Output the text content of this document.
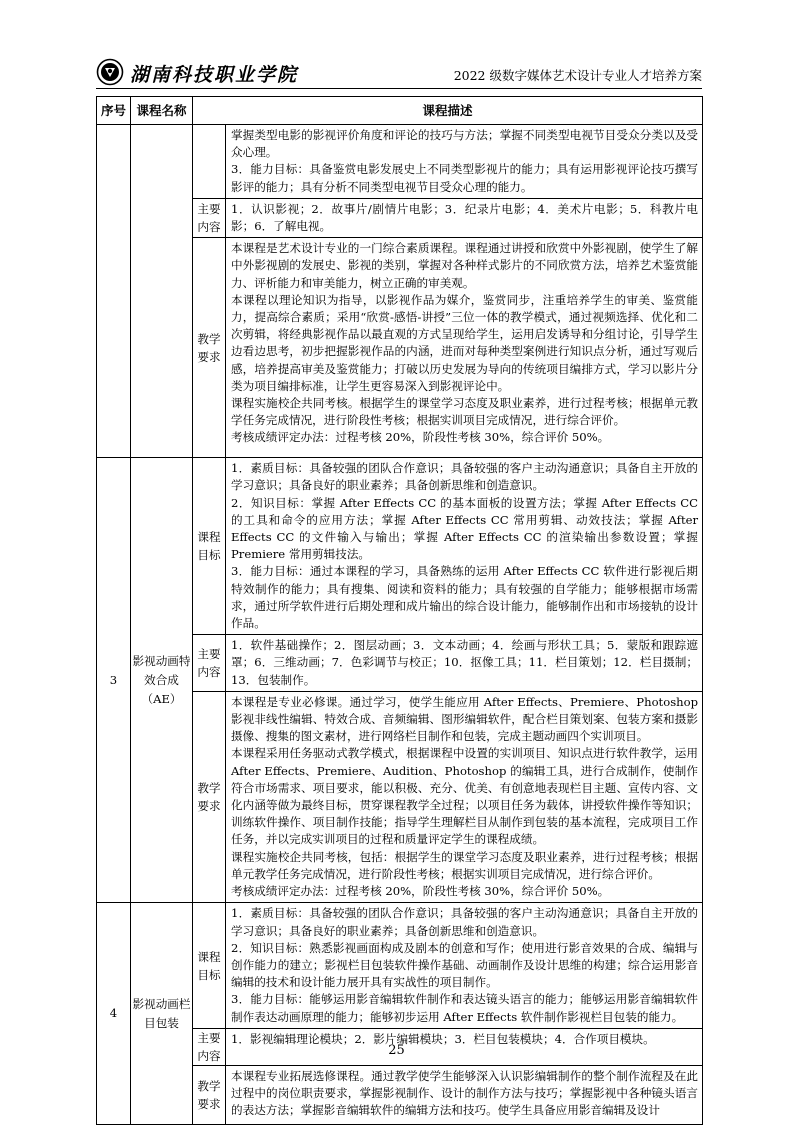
湖南科技职业学院	2022 级数字媒体艺术设计专业人才培养方案
序号	课程名称	课程描述	

			掌握类型电影的影视评价角度和评论的技巧与方法；掌握不同类型电视节目受众分类以及受众心理。

3．能力目标：具备鉴赏电影发展史上不同类型影视片的能力；具有运用影视评论技巧撰写影评的能力；具有分析不同类型电视节目受众心理的能力。

		主要内容	1．认识影视；2．故事片/剧情片电影；3．纪录片电影；4．美术片电影；5．科教片电影；6．了解电视。

		教学要求	本课程是艺术设计专业的一门综合素质课程。课程通过讲授和欣赏中外影视剧，使学生了解中外影视剧的发展史、影视的类别，掌握对各种样式影片的不同欣赏方法，培养艺术鉴赏能力、评析能力和审美能力，树立正确的审美观。

本课程以理论知识为指导，以影视作品为媒介，鉴赏同步，注重培养学生的审美、鉴赏能力，提高综合素质；采用“欣赏-感悟-讲授”三位一体的教学模式，通过视频选择、优化和二次剪辑，将经典影视作品以最直观的方式呈现给学生，运用启发诱导和分组讨论，引导学生边看边思考，初步把握影视作品的内涵，进而对每种类型案例进行知识点分析，通过写观后感，培养提高审美及鉴赏能力；打破以历史发展为导向的传统项目编排方式，学习以影片分类为项目编排标准，让学生更容易深入到影视评论中。

课程实施校企共同考核。根据学生的课堂学习态度及职业素养，进行过程考核；根据单元教学任务完成情况，进行阶段性考核；根据实训项目完成情况，进行综合评价。

考核成绩评定办法：过程考核 20%，阶段性考核 30%，综合评价 50%。

3	影视动画特效合成（AE）	课程目标	1．素质目标：具备较强的团队合作意识；具备较强的客户主动沟通意识；具备自主开放的学习意识；具备良好的职业素养；具备创新思维和创造意识。

2．知识目标：掌握 After Effects CC 的基本面板的设置方法；掌握 After Effects CC 的工具和命令的应用方法；掌握 After Effects CC 常用剪辑、动效技法；掌握 After Effects CC 的文件输入与输出；掌握 After Effects CC 的渲染输出参数设置；掌握 Premiere 常用剪辑技法。

3．能力目标：通过本课程的学习，具备熟练的运用 After Effects CC 软件进行影视后期特效制作的能力；具有搜集、阅读和资料的能力；具有较强的自学能力；能够根据市场需求，通过所学软件进行后期处理和成片输出的综合设计能力，能够制作出和市场接轨的设计作品。

		主要内容	1．软件基础操作；2．图层动画；3．文本动画；4．绘画与形状工具；5．蒙版和跟踪遮罩；6．三维动画；7．色彩调节与校正；10．抠像工具；11．栏目策划；12．栏目摄制；13．包装制作。

		教学要求	本课程是专业必修课。通过学习，使学生能应用 After Effects、Premiere、Photoshop 影视非线性编辑、特效合成、音频编辑、图形编辑软件，配合栏目策划案、包装方案和摄影摄像、搜集的图文素材，进行网络栏目制作和包装，完成主题动画四个实训项目。

本课程采用任务驱动式教学模式，根据课程中设置的实训项目、知识点进行软件教学，运用 After Effects、Premiere、Audition、Photoshop 的编辑工具，进行合成制作，使制作符合市场需求、项目要求，能以积极、充分、优美、有创意地表现栏目主题、宣传内容、文化内涵等做为最终目标，贯穿课程教学全过程；以项目任务为载体，讲授软件操作等知识；训练软件操作、项目制作技能；指导学生理解栏目从制作到包装的基本流程，完成项目工作任务，并以完成实训项目的过程和质量评定学生的课程成绩。

课程实施校企共同考核，包括：根据学生的课堂学习态度及职业素养，进行过程考核；根据单元教学任务完成情况，进行阶段性考核；根据实训项目完成情况，进行综合评价。

考核成绩评定办法：过程考核 20%，阶段性考核 30%，综合评价 50%。

4	影视动画栏目包装	课程目标	1．素质目标：具备较强的团队合作意识；具备较强的客户主动沟通意识；具备自主开放的学习意识；具备良好的职业素养；具备创新思维和创造意识。

2．知识目标：熟悉影视画面构成及剧本的创意和写作；使用进行影音效果的合成、编辑与创作能力的建立；影视栏目包装软件操作基础、动画制作及设计思维的构建；综合运用影音编辑的技术和设计能力展开具有实战性的项目制作。

3．能力目标：能够运用影音编辑软件制作和表达镜头语言的能力；能够运用影音编辑软件制作表达动画原理的能力；能够初步运用 After Effects 软件制作影视栏目包装的能力。

		主要内容	1．影视编辑理论模块；2．影片编辑模块；3．栏目包装模块；4．合作项目模块。

		教学要求	本课程专业拓展选修课程。通过教学使学生能够深入认识影编辑制作的整个制作流程及在此过程中的岗位职责要求，掌握影视制作、设计的制作方法与技巧；掌握影视中各种镜头语言的表达方法；掌握影音编辑软件的编辑方法和技巧。使学生具备应用影音编辑及设计

25
